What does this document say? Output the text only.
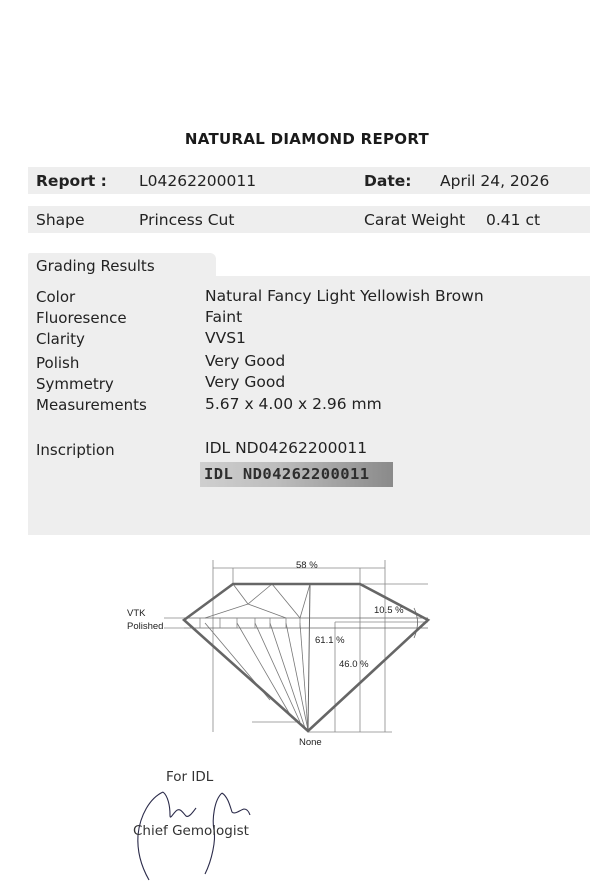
NATURAL DIAMOND REPORT
Report : L04262200011	Date: April 24, 2026
Shape	Princess Cut	Carat Weight 0.41 ct
Grading Results
Color	Natural Fancy Light Yellowish Brown
Fluoresence	Faint
Clarity	VVS1
Polish	Very Good
Symmetry	Very Good
Measurements	5.67 x 4.00 x 2.96 mm
Inscription	IDL ND04262200011
IDL ND04262200011
58 %
10.5 %
61.1 %
46.0 %
VTK
Polished
None
For IDL
Chief Gemologist
